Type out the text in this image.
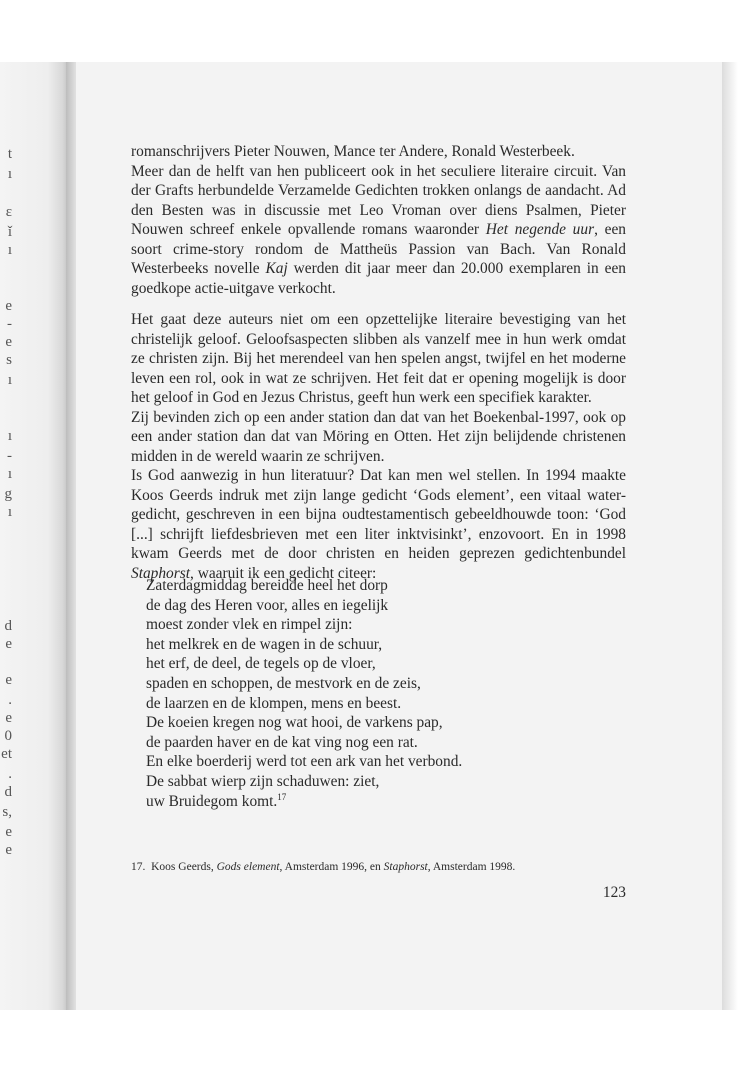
t
ı
ɛ
ǐ
ı
e
-
e
s
ı
ı
-
ı
g
ı
d
e
e
.
e
0
et
.
d
s,
e
e

romanschrijvers Pieter Nouwen, Mance ter Andere, Ronald Westerbeek.
Meer dan de helft van hen publiceert ook in het seculiere literaire circuit. Van der Grafts herbundelde Verzamelde Gedichten trokken onlangs de aandacht. Ad den Besten was in discussie met Leo Vroman over diens Psalmen, Pieter Nouwen schreef enkele opvallende romans waaronder Het negende uur, een soort crime-story rondom de Mattheüs Passion van Bach. Van Ronald Westerbeeks novelle Kaj werden dit jaar meer dan 20.000 exemplaren in een goedkope actie-uitgave verkocht.

Het gaat deze auteurs niet om een opzettelijke literaire bevestiging van het christelijk geloof. Geloofsaspecten slibben als vanzelf mee in hun werk omdat ze christen zijn. Bij het merendeel van hen spelen angst, twijfel en het moderne leven een rol, ook in wat ze schrijven. Het feit dat er opening mogelijk is door het geloof in God en Jezus Christus, geeft hun werk een specifiek karakter.

Zij bevinden zich op een ander station dan dat van het Boekenbal-1997, ook op een ander station dan dat van Möring en Otten. Het zijn belijdende christenen midden in de wereld waarin ze schrijven.

Is God aanwezig in hun literatuur? Dat kan men wel stellen. In 1994 maakte Koos Geerds indruk met zijn lange gedicht ‘Gods element’, een vitaal water-gedicht, geschreven in een bijna oudtestamentisch gebeeldhouwde toon: ‘God [...] schrijft liefdesbrieven met een liter inktvisinkt’, enzovoort. En in 1998 kwam Geerds met de door christen en heiden geprezen gedichtenbundel Staphorst, waaruit ik een gedicht citeer:

Zaterdagmiddag bereidde heel het dorp
de dag des Heren voor, alles en iegelijk
moest zonder vlek en rimpel zijn:
het melkrek en de wagen in de schuur,
het erf, de deel, de tegels op de vloer,
spaden en schoppen, de mestvork en de zeis,
de laarzen en de klompen, mens en beest.
De koeien kregen nog wat hooi, de varkens pap,
de paarden haver en de kat ving nog een rat.
En elke boerderij werd tot een ark van het verbond.
De sabbat wierp zijn schaduwen: ziet,
uw Bruidegom komt.$^{17}$
17. Koos Geerds, Gods element, Amsterdam 1996, en Staphorst, Amsterdam 1998.
123
